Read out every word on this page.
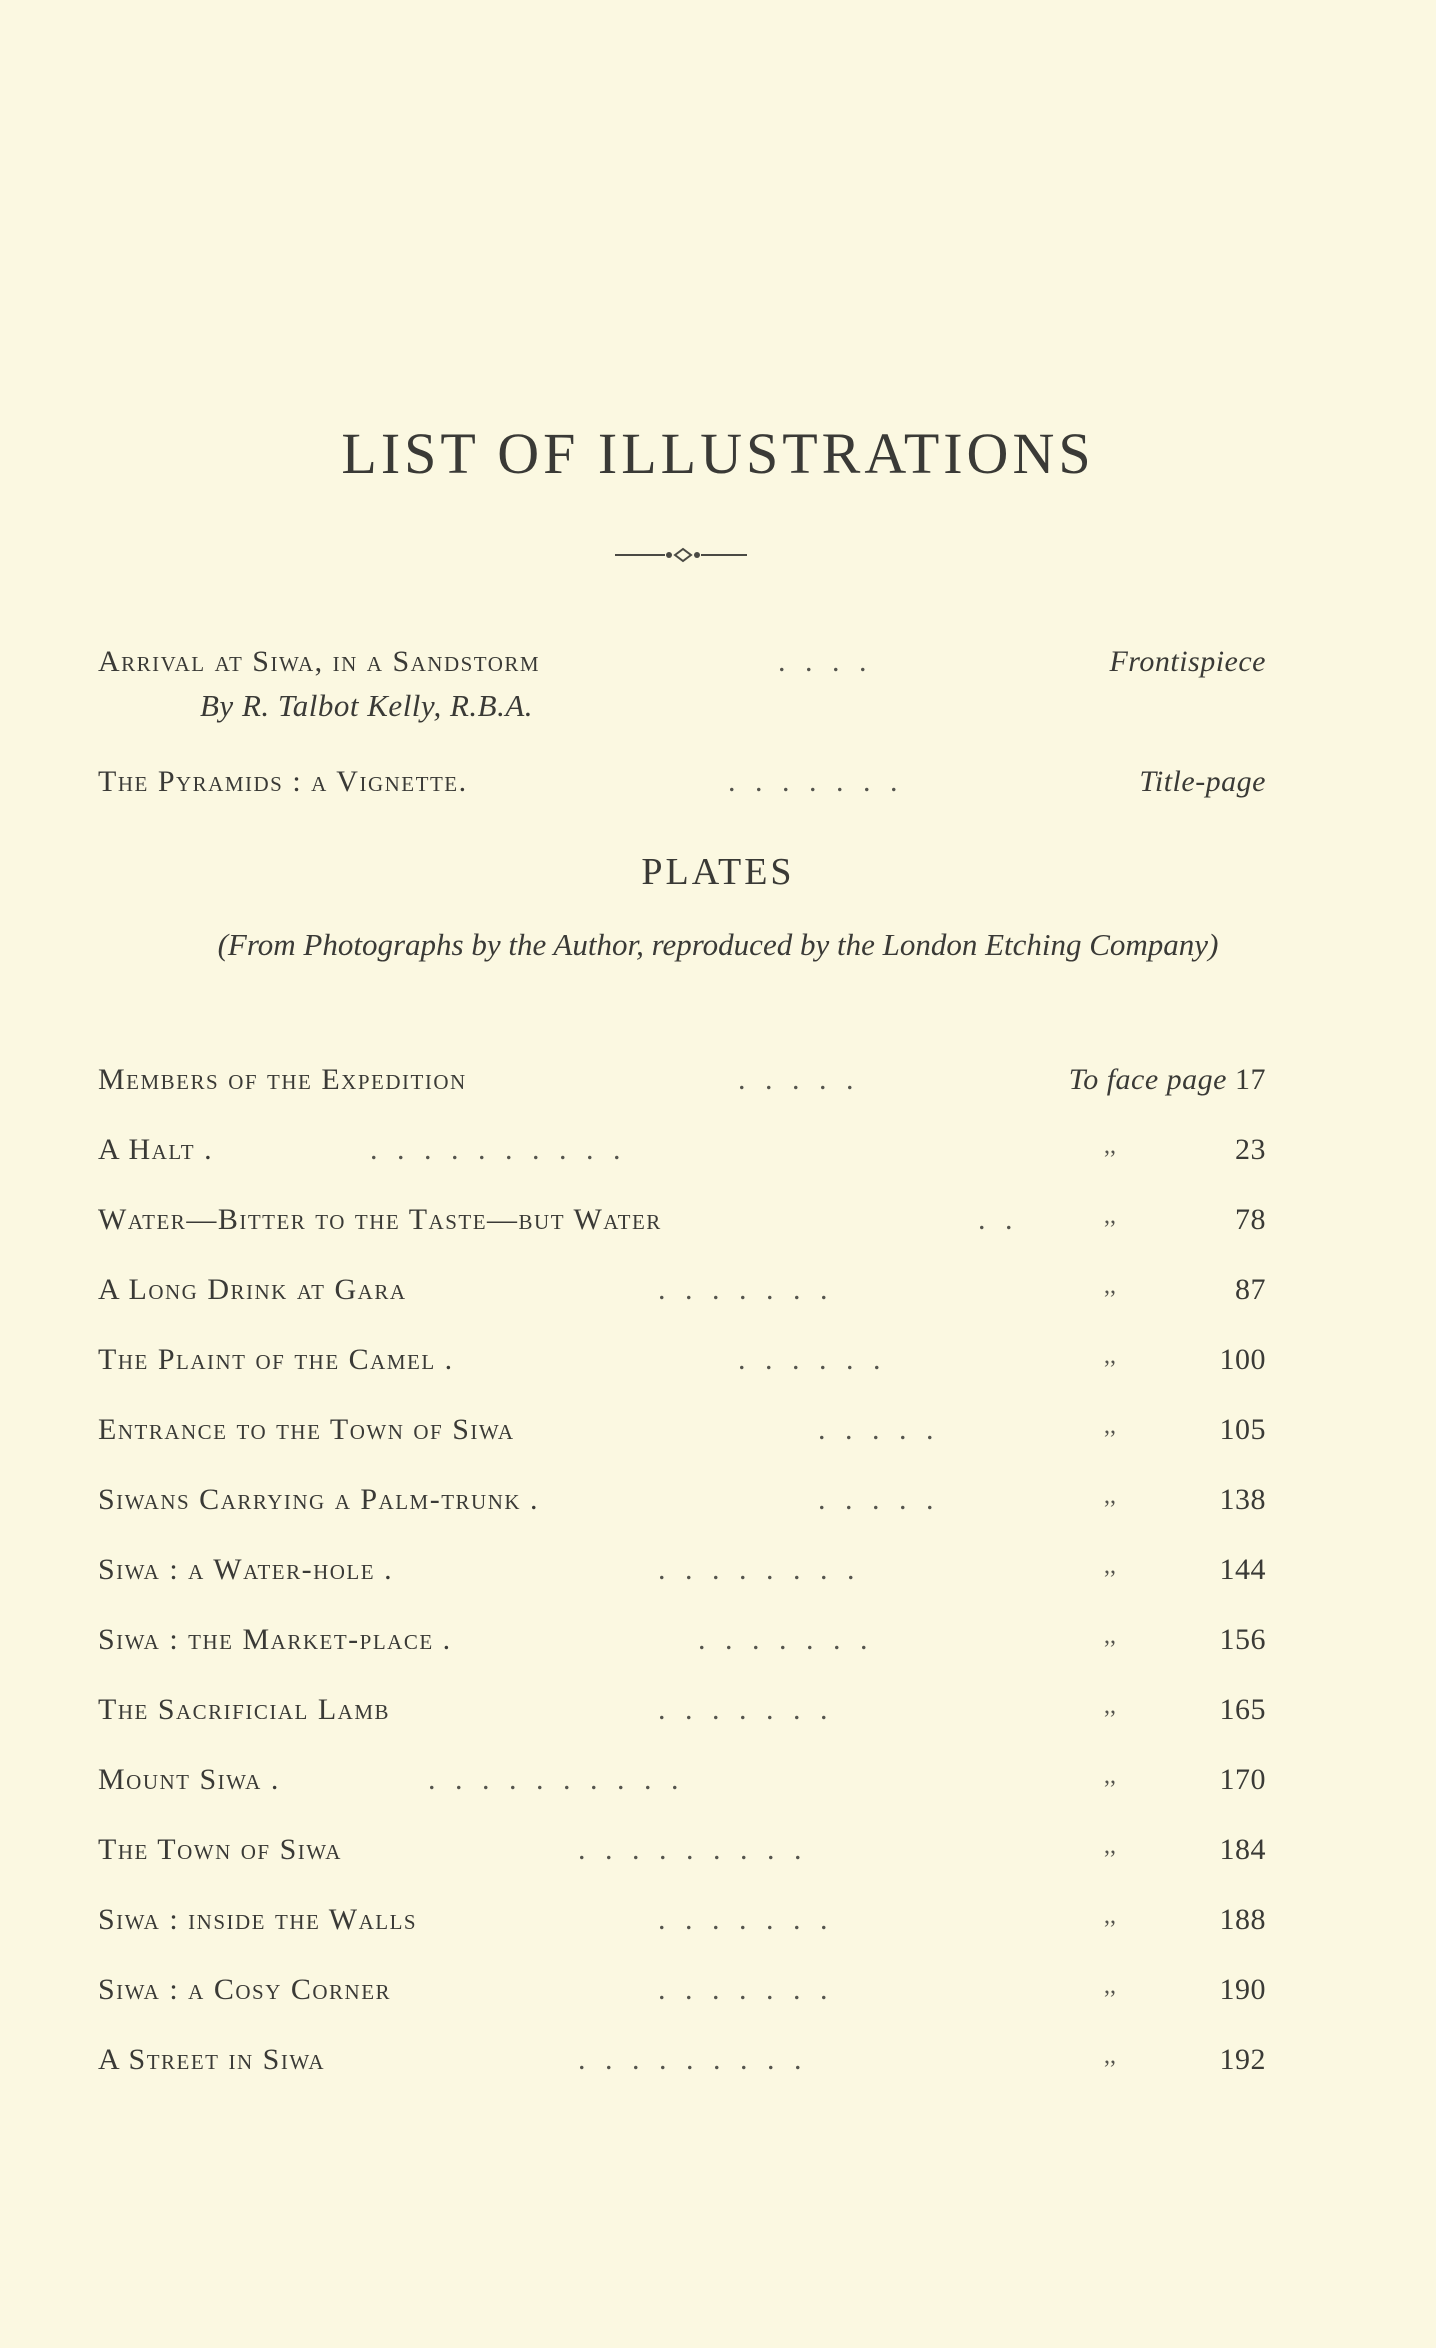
LIST OF ILLUSTRATIONS
Arrival at Siwa, in a Sandstorm	. . . .	Frontispiece
By R. Talbot Kelly, R.B.A.
The Pyramids : a Vignette.	. . . . . . .	Title-page
PLATES
(From Photographs by the Author, reproduced by the London Etching Company)
Members of the Expedition	. . . . .	To face page 17
A Halt .	. . . . . . . . . .	,,	23
Water—Bitter to the Taste—but Water	. .	,,	78
A Long Drink at Gara	. . . . . . .	,,	87
The Plaint of the Camel .	. . . . . .	,,	100
Entrance to the Town of Siwa	. . . . .	,,	105
Siwans Carrying a Palm-trunk .	. . . . .	,,	138
Siwa : a Water-hole .	. . . . . . . .	,,	144
Siwa : the Market-place .	. . . . . . .	,,	156
The Sacrificial Lamb	. . . . . . .	,,	165
Mount Siwa .	. . . . . . . . . .	,,	170
The Town of Siwa	. . . . . . . . .	,,	184
Siwa : inside the Walls	. . . . . . .	,,	188
Siwa : a Cosy Corner	. . . . . . .	,,	190
A Street in Siwa	. . . . . . . . .	,,	192
